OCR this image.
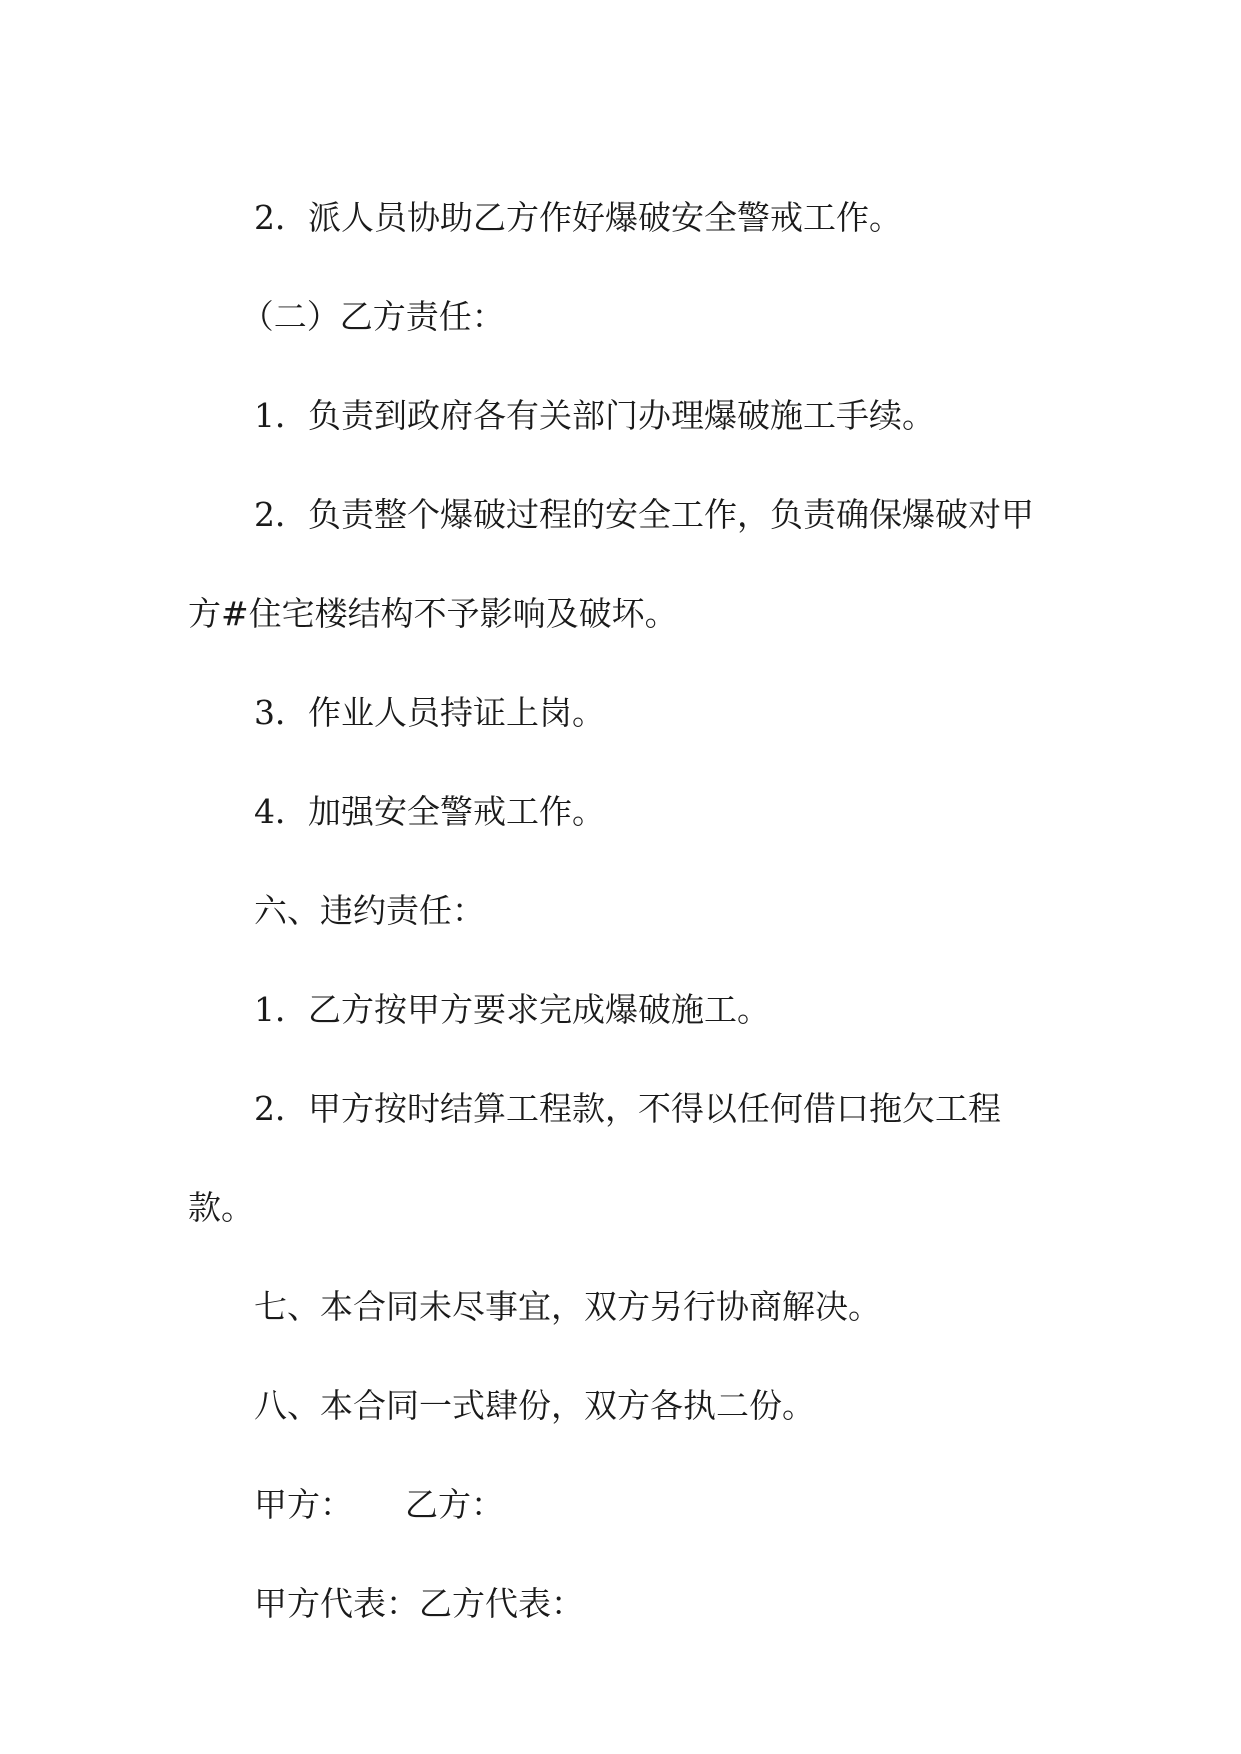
2．派人员协助乙方作好爆破安全警戒工作。

（二）乙方责任：

1．负责到政府各有关部门办理爆破施工手续。

2．负责整个爆破过程的安全工作，负责确保爆破对甲方#住宅楼结构不予影响及破坏。

3．作业人员持证上岗。

4．加强安全警戒工作。

六、违约责任：

1．乙方按甲方要求完成爆破施工。

2．甲方按时结算工程款，不得以任何借口拖欠工程款。

七、本合同未尽事宜，双方另行协商解决。

八、本合同一式肆份，双方各执二份。

甲方： 乙方：

甲方代表：乙方代表：
